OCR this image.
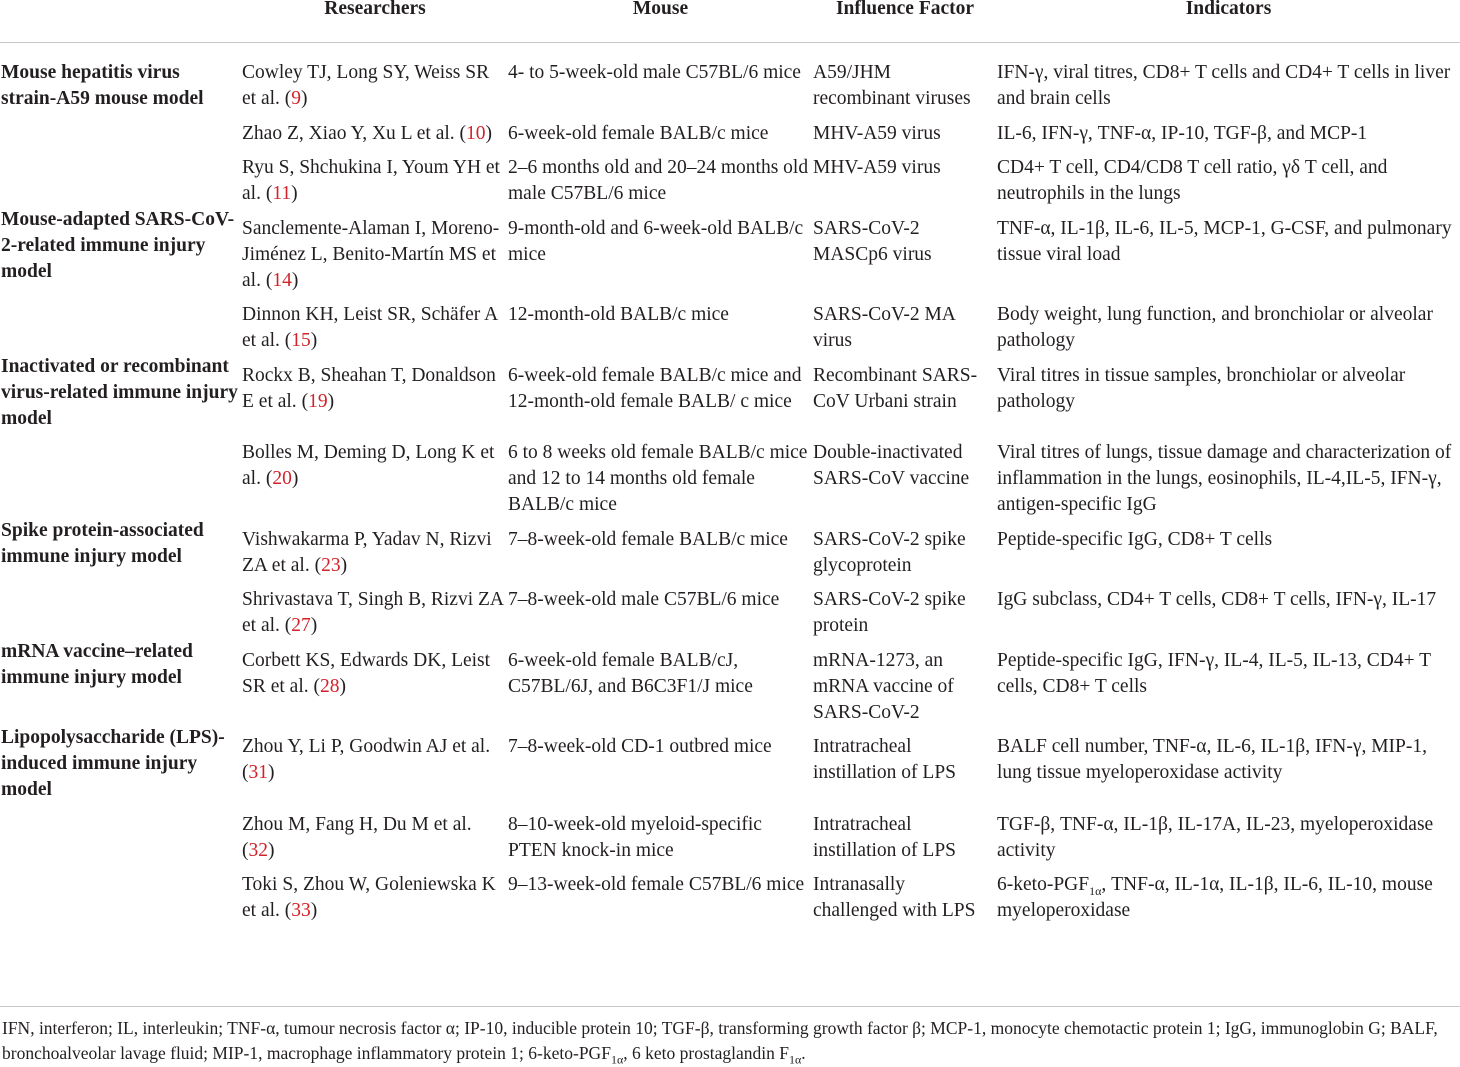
	Researchers	Mouse	Influence Factor	Indicators
Mouse hepatitis virus strain-A59 mouse model	Cowley TJ, Long SY, Weiss SR et al. (9)	4- to 5-week-old male C57BL/6 mice	A59/JHM recombinant viruses	IFN-γ, viral titres, CD8+ T cells and CD4+ T cells in liver and brain cells
	Zhao Z, Xiao Y, Xu L et al. (10)	6-week-old female BALB/c mice	MHV-A59 virus	IL-6, IFN-γ, TNF-α, IP-10, TGF-β, and MCP-1
	Ryu S, Shchukina I, Youm YH et al. (11)	2–6 months old and 20–24 months old male C57BL/6 mice	MHV-A59 virus	CD4+ T cell, CD4/CD8 T cell ratio, γδ T cell, and neutrophils in the lungs
Mouse-adapted SARS-CoV-2-related immune injury model	Sanclemente-Alaman I, Moreno-Jiménez L, Benito-Martín MS et al. (14)	9-month-old and 6-week-old BALB/c mice	SARS-CoV-2 MASCp6 virus	TNF-α, IL-1β, IL-6, IL-5, MCP-1, G-CSF, and pulmonary tissue viral load
	Dinnon KH, Leist SR, Schäfer A et al. (15)	12-month-old BALB/c mice	SARS-CoV-2 MA virus	Body weight, lung function, and bronchiolar or alveolar pathology
Inactivated or recombinant virus-related immune injury model	Rockx B, Sheahan T, Donaldson E et al. (19)	6-week-old female BALB/c mice and 12-month-old female BALB/ c mice	Recombinant SARS-CoV Urbani strain	Viral titres in tissue samples, bronchiolar or alveolar pathology
	Bolles M, Deming D, Long K et al. (20)	6 to 8 weeks old female BALB/c mice and 12 to 14 months old female BALB/c mice	Double-inactivated SARS-CoV vaccine	Viral titres of lungs, tissue damage and characterization of inflammation in the lungs, eosinophils, IL-4,IL-5, IFN-γ, antigen-specific IgG
Spike protein-associated immune injury model	Vishwakarma P, Yadav N, Rizvi ZA et al. (23)	7–8-week-old female BALB/c mice	SARS-CoV-2 spike glycoprotein	Peptide-specific IgG, CD8+ T cells
	Shrivastava T, Singh B, Rizvi ZA et al. (27)	7–8-week-old male C57BL/6 mice	SARS-CoV-2 spike protein	IgG subclass, CD4+ T cells, CD8+ T cells, IFN-γ, IL-17
mRNA vaccine–related immune injury model	Corbett KS, Edwards DK, Leist SR et al. (28)	6-week-old female BALB/cJ, C57BL/6J, and B6C3F1/J mice	mRNA-1273, an mRNA vaccine of SARS-CoV-2	Peptide-specific IgG, IFN-γ, IL-4, IL-5, IL-13, CD4+ T cells, CD8+ T cells
Lipopolysaccharide (LPS)-induced immune injury model	Zhou Y, Li P, Goodwin AJ et al. (31)	7–8-week-old CD-1 outbred mice	Intratracheal instillation of LPS	BALF cell number, TNF-α, IL-6, IL-1β, IFN-γ, MIP-1, lung tissue myeloperoxidase activity
	Zhou M, Fang H, Du M et al. (32)	8–10-week-old myeloid-specific PTEN knock-in mice	Intratracheal instillation of LPS	TGF-β, TNF-α, IL-1β, IL-17A, IL-23, myeloperoxidase activity
	Toki S, Zhou W, Goleniewska K et al. (33)	9–13-week-old female C57BL/6 mice	Intranasally challenged with LPS	$6-keto-PGF_{1\alpha}$, TNF-α, IL-1α, IL-1β, IL-6, IL-10, mouse myeloperoxidase
IFN, interferon; IL, interleukin; TNF-α, tumour necrosis factor α; IP-10, inducible protein 10; TGF-β, transforming growth factor β; MCP-1, monocyte chemotactic protein 1; IgG, immunoglobin G; BALF, bronchoalveolar lavage fluid; MIP-1, macrophage inflammatory protein 1; $6-keto-PGF_{1\alpha}$, 6 keto prostaglandin $F_{1\alpha}$.
